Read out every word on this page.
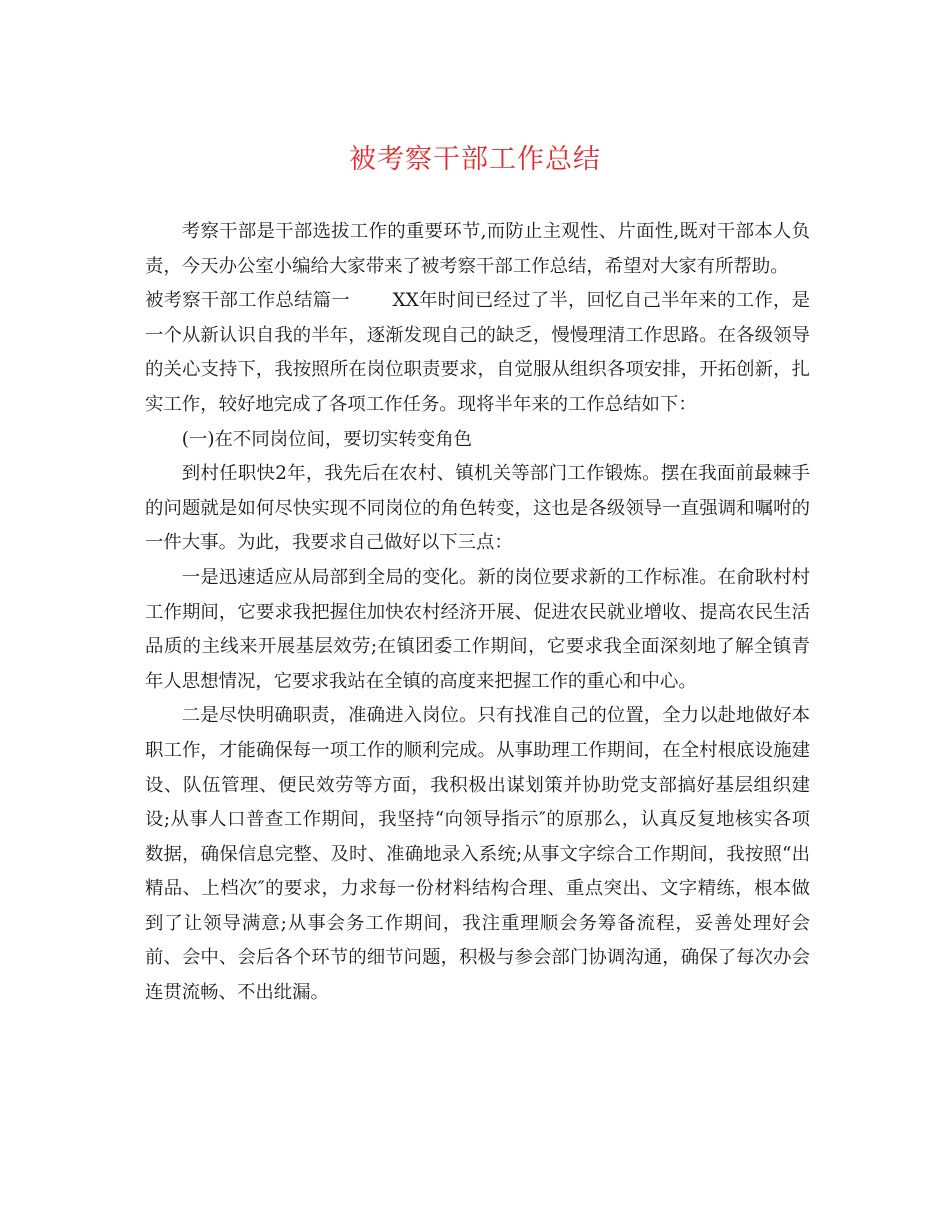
被考察干部工作总结

考察干部是干部选拔工作的重要环节,而防止主观性、片面性,既对干部本人负责，今天办公室小编给大家带来了被考察干部工作总结，希望对大家有所帮助。

被考察干部工作总结篇一       XX年时间已经过了半，回忆自己半年来的工作，是一个从新认识自我的半年，逐渐发现自己的缺乏，慢慢理清工作思路。在各级领导的关心支持下，我按照所在岗位职责要求，自觉服从组织各项安排，开拓创新，扎实工作，较好地完成了各项工作任务。现将半年来的工作总结如下：

(一)在不同岗位间，要切实转变角色

到村任职快2年，我先后在农村、镇机关等部门工作锻炼。摆在我面前最棘手的问题就是如何尽快实现不同岗位的角色转变，这也是各级领导一直强调和嘱咐的一件大事。为此，我要求自己做好以下三点：

一是迅速适应从局部到全局的变化。新的岗位要求新的工作标准。在俞耿村村工作期间，它要求我把握住加快农村经济开展、促进农民就业增收、提高农民生活品质的主线来开展基层效劳;在镇团委工作期间，它要求我全面深刻地了解全镇青年人思想情况，它要求我站在全镇的高度来把握工作的重心和中心。

二是尽快明确职责，准确进入岗位。只有找准自己的位置，全力以赴地做好本职工作，才能确保每一项工作的顺利完成。从事助理工作期间，在全村根底设施建设、队伍管理、便民效劳等方面，我积极出谋划策并协助党支部搞好基层组织建设;从事人口普查工作期间，我坚持“向领导指示″的原那么，认真反复地核实各项数据，确保信息完整、及时、准确地录入系统;从事文字综合工作期间，我按照“出精品、上档次″的要求，力求每一份材料结构合理、重点突出、文字精练，根本做到了让领导满意;从事会务工作期间，我注重理顺会务筹备流程，妥善处理好会前、会中、会后各个环节的细节问题，积极与参会部门协调沟通，确保了每次办会连贯流畅、不出纰漏。
